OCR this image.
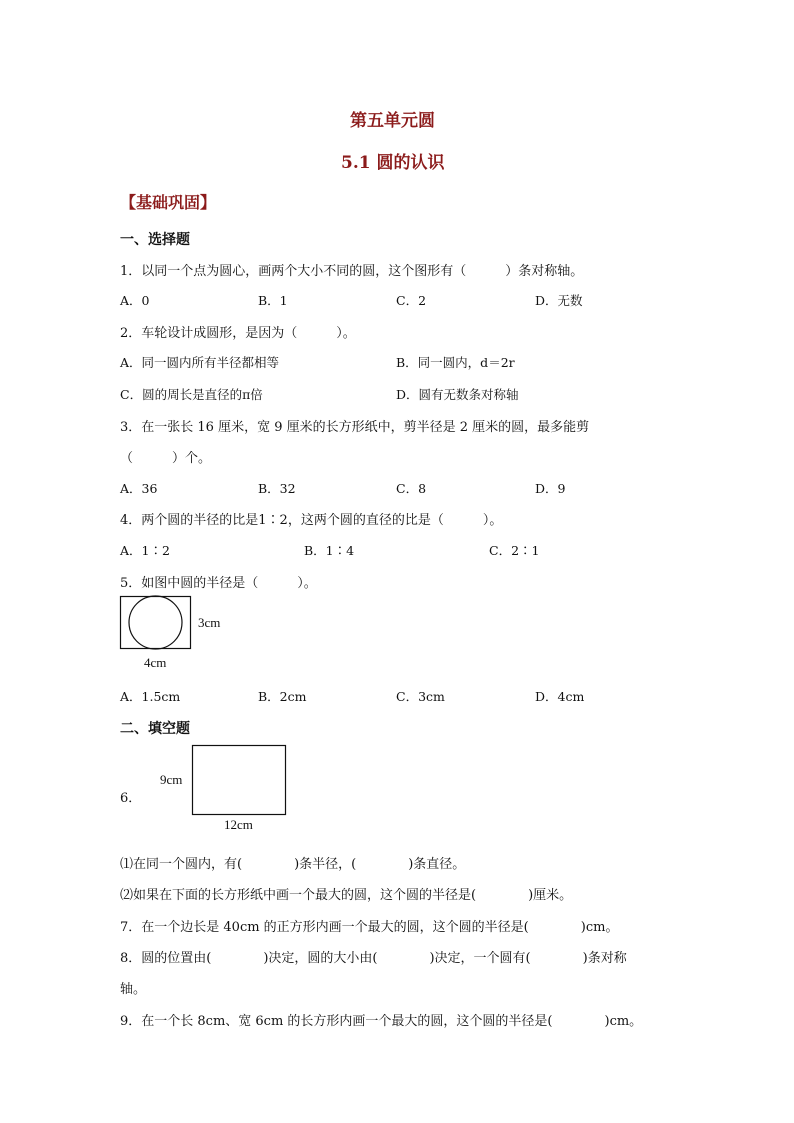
第五单元圆
5.1 圆的认识
【基础巩固】
一、选择题
1．以同一个点为圆心，画两个大小不同的圆，这个图形有（　　　）条对称轴。
A．0	B．1	C．2	D．无数
2．车轮设计成圆形，是因为（　　　）。
A．同一圆内所有半径都相等	B．同一圆内，d＝2r
C．圆的周长是直径的π倍	D．圆有无数条对称轴
3．在一张长 16 厘米，宽 9 厘米的长方形纸中，剪半径是 2 厘米的圆，最多能剪
（　　　）个。
A．36	B．32	C．8	D．9
4．两个圆的半径的比是1∶2，这两个圆的直径的比是（　　　）。
A．1∶2	B．1∶4	C．2∶1
5．如图中圆的半径是（　　　）。
3cm
4cm
A．1.5cm	B．2cm	C．3cm	D．4cm
二、填空题
9cm
12cm
6．
⑴在同一个圆内，有(　　　　)条半径，(　　　　)条直径。
⑵如果在下面的长方形纸中画一个最大的圆，这个圆的半径是(　　　　)厘米。
7．在一个边长是 40cm 的正方形内画一个最大的圆，这个圆的半径是(　　　　)cm。
8．圆的位置由(　　　　)决定，圆的大小由(　　　　)决定，一个圆有(　　　　)条对称
轴。
9．在一个长 8cm、宽 6cm 的长方形内画一个最大的圆，这个圆的半径是(　　　　)cm。
